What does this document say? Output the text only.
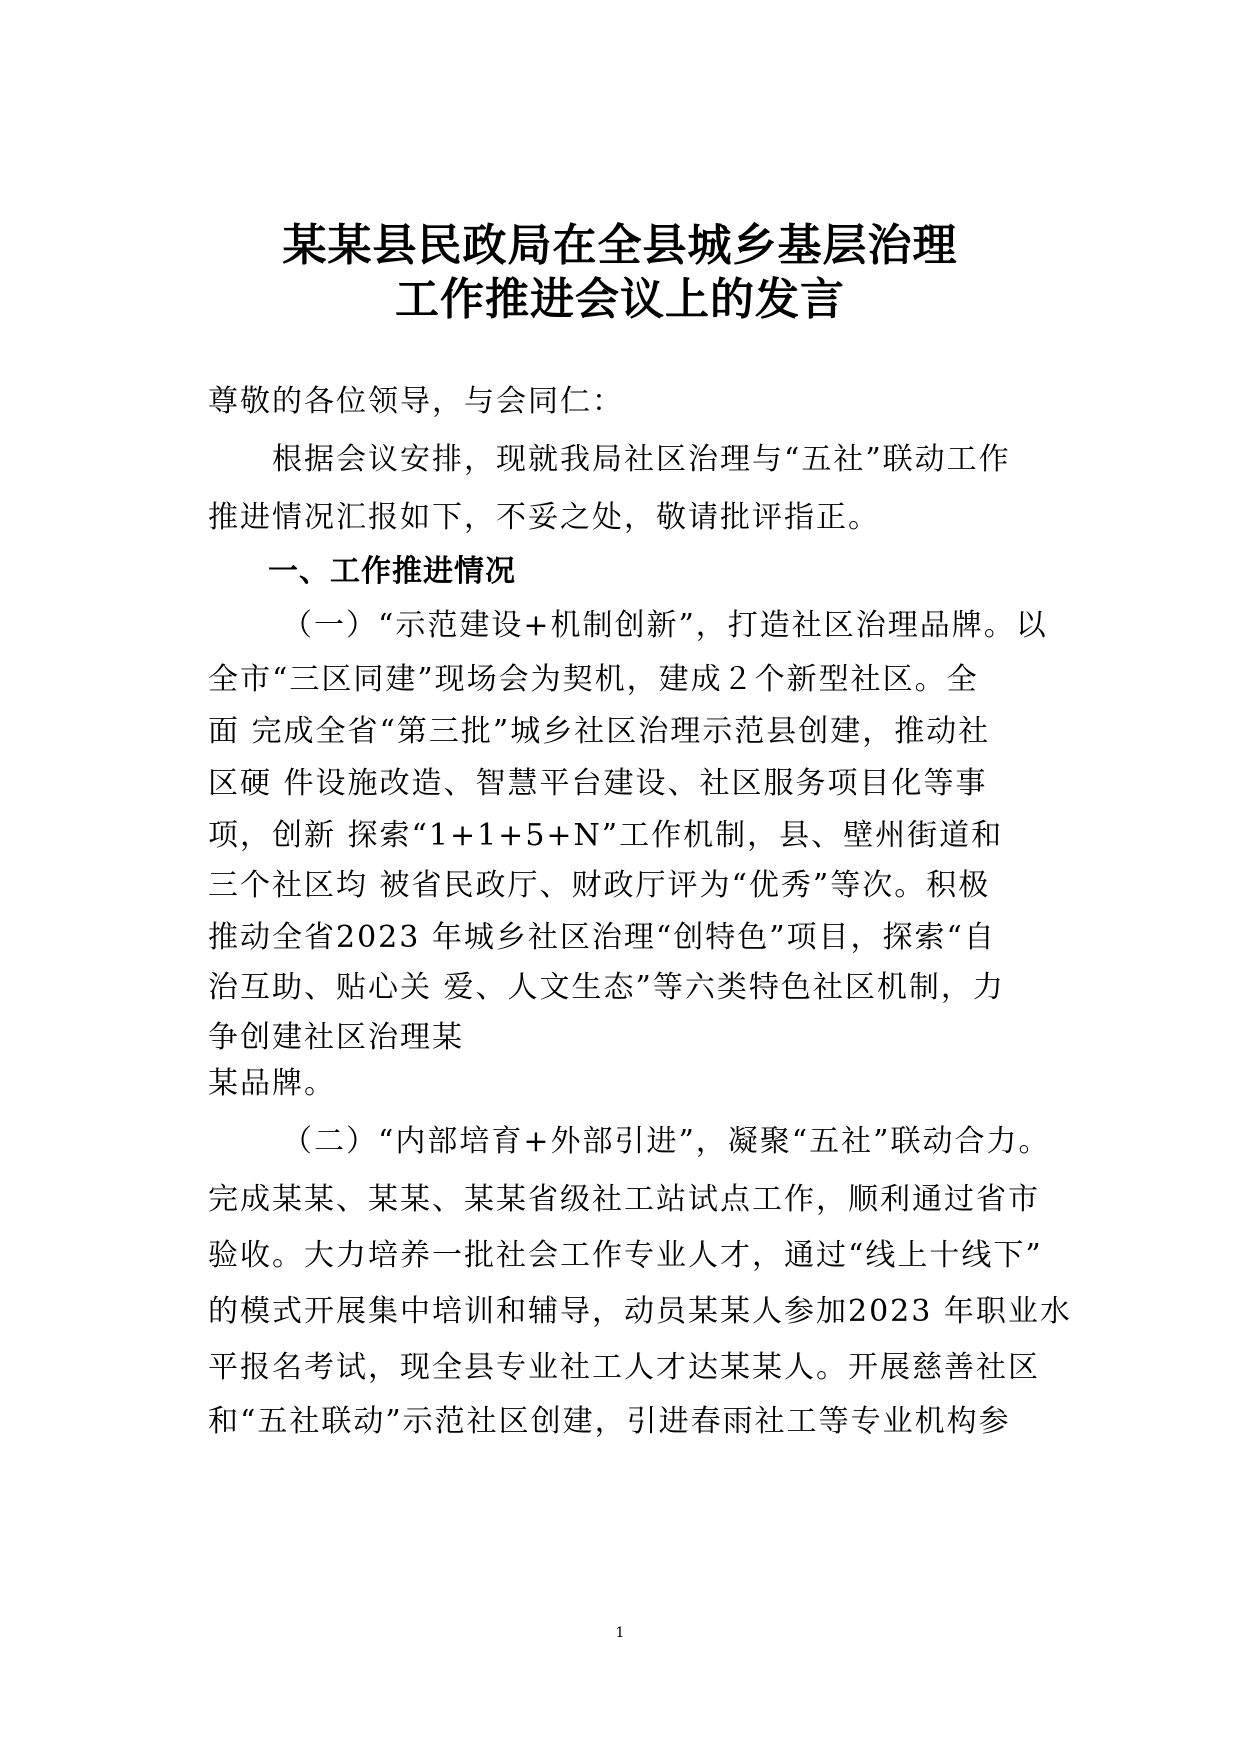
某某县民政局在全县城乡基层治理
工作推进会议上的发言
尊敬的各位领导，与会同仁：
根据会议安排，现就我局社区治理与“五社”联动工作
推进情况汇报如下，不妥之处，敬请批评指正。
一、工作推进情况
（一）“示范建设+机制创新”，打造社区治理品牌。以
全市“三区同建”现场会为契机，建成２个新型社区。全
面 完成全省“第三批”城乡社区治理示范县创建，推动社
区硬 件设施改造、智慧平台建设、社区服务项目化等事
项，创新 探索“1+1+5+N”工作机制，县、壁州街道和
三个社区均 被省民政厅、财政厅评为“优秀”等次。积极
推动全省2023 年城乡社区治理“创特色”项目，探索“自
治互助、贴心关 爱、人文生态”等六类特色社区机制，力
争创建社区治理某
某品牌。
（二）“内部培育+外部引进”，凝聚“五社”联动合力。
完成某某、某某、某某省级社工站试点工作，顺利通过省市
验收。大力培养一批社会工作专业人才，通过“线上十线下”
的模式开展集中培训和辅导，动员某某人参加2023 年职业水
平报名考试，现全县专业社工人才达某某人。开展慈善社区
和“五社联动”示范社区创建，引进春雨社工等专业机构参
1
